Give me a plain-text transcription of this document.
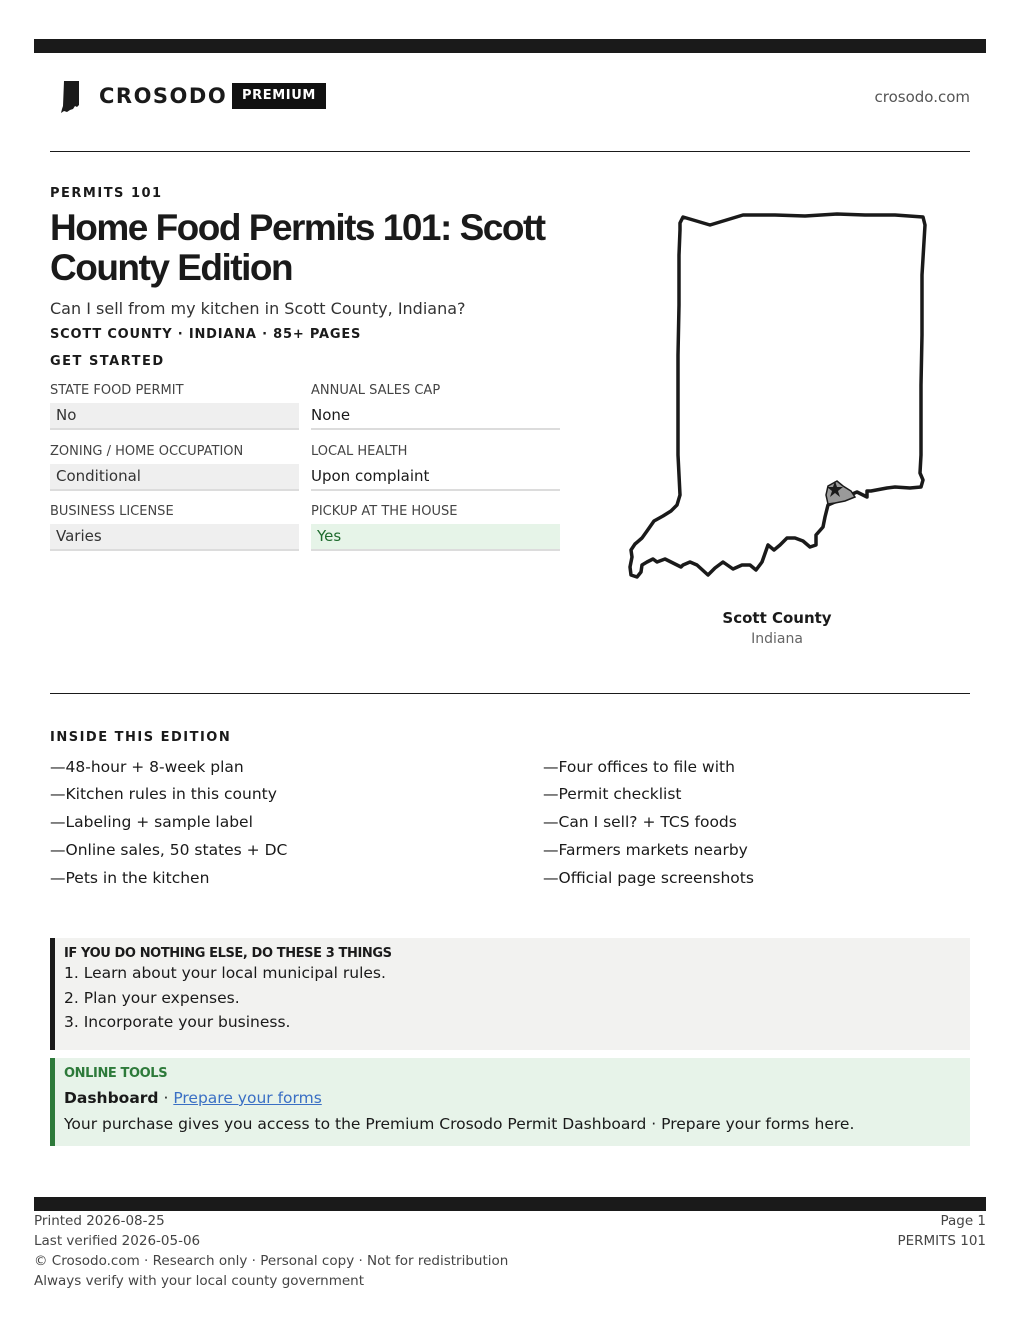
CROSODO	PREMIUM	crosodo.com
PERMITS 101
Home Food Permits 101: Scott County Edition
Can I sell from my kitchen in Scott County, Indiana?
SCOTT COUNTY · INDIANA · 85+ PAGES
GET STARTED
STATE FOOD PERMIT
No
ANNUAL SALES CAP
None
ZONING / HOME OCCUPATION
Conditional
LOCAL HEALTH
Upon complaint
BUSINESS LICENSE
Varies
PICKUP AT THE HOUSE
Yes
Scott County
Indiana
INSIDE THIS EDITION
—48-hour + 8-week plan
—Kitchen rules in this county
—Labeling + sample label
—Online sales, 50 states + DC
—Pets in the kitchen
—Four offices to file with
—Permit checklist
—Can I sell? + TCS foods
—Farmers markets nearby
—Official page screenshots
IF YOU DO NOTHING ELSE, DO THESE 3 THINGS
1. Learn about your local municipal rules.
2. Plan your expenses.
3. Incorporate your business.
ONLINE TOOLS
Dashboard · Prepare your forms
Your purchase gives you access to the Premium Crosodo Permit Dashboard · Prepare your forms here.
Printed 2026-08-25
Last verified 2026-05-06
© Crosodo.com · Research only · Personal copy · Not for redistribution
Always verify with your local county government
Page 1
PERMITS 101
